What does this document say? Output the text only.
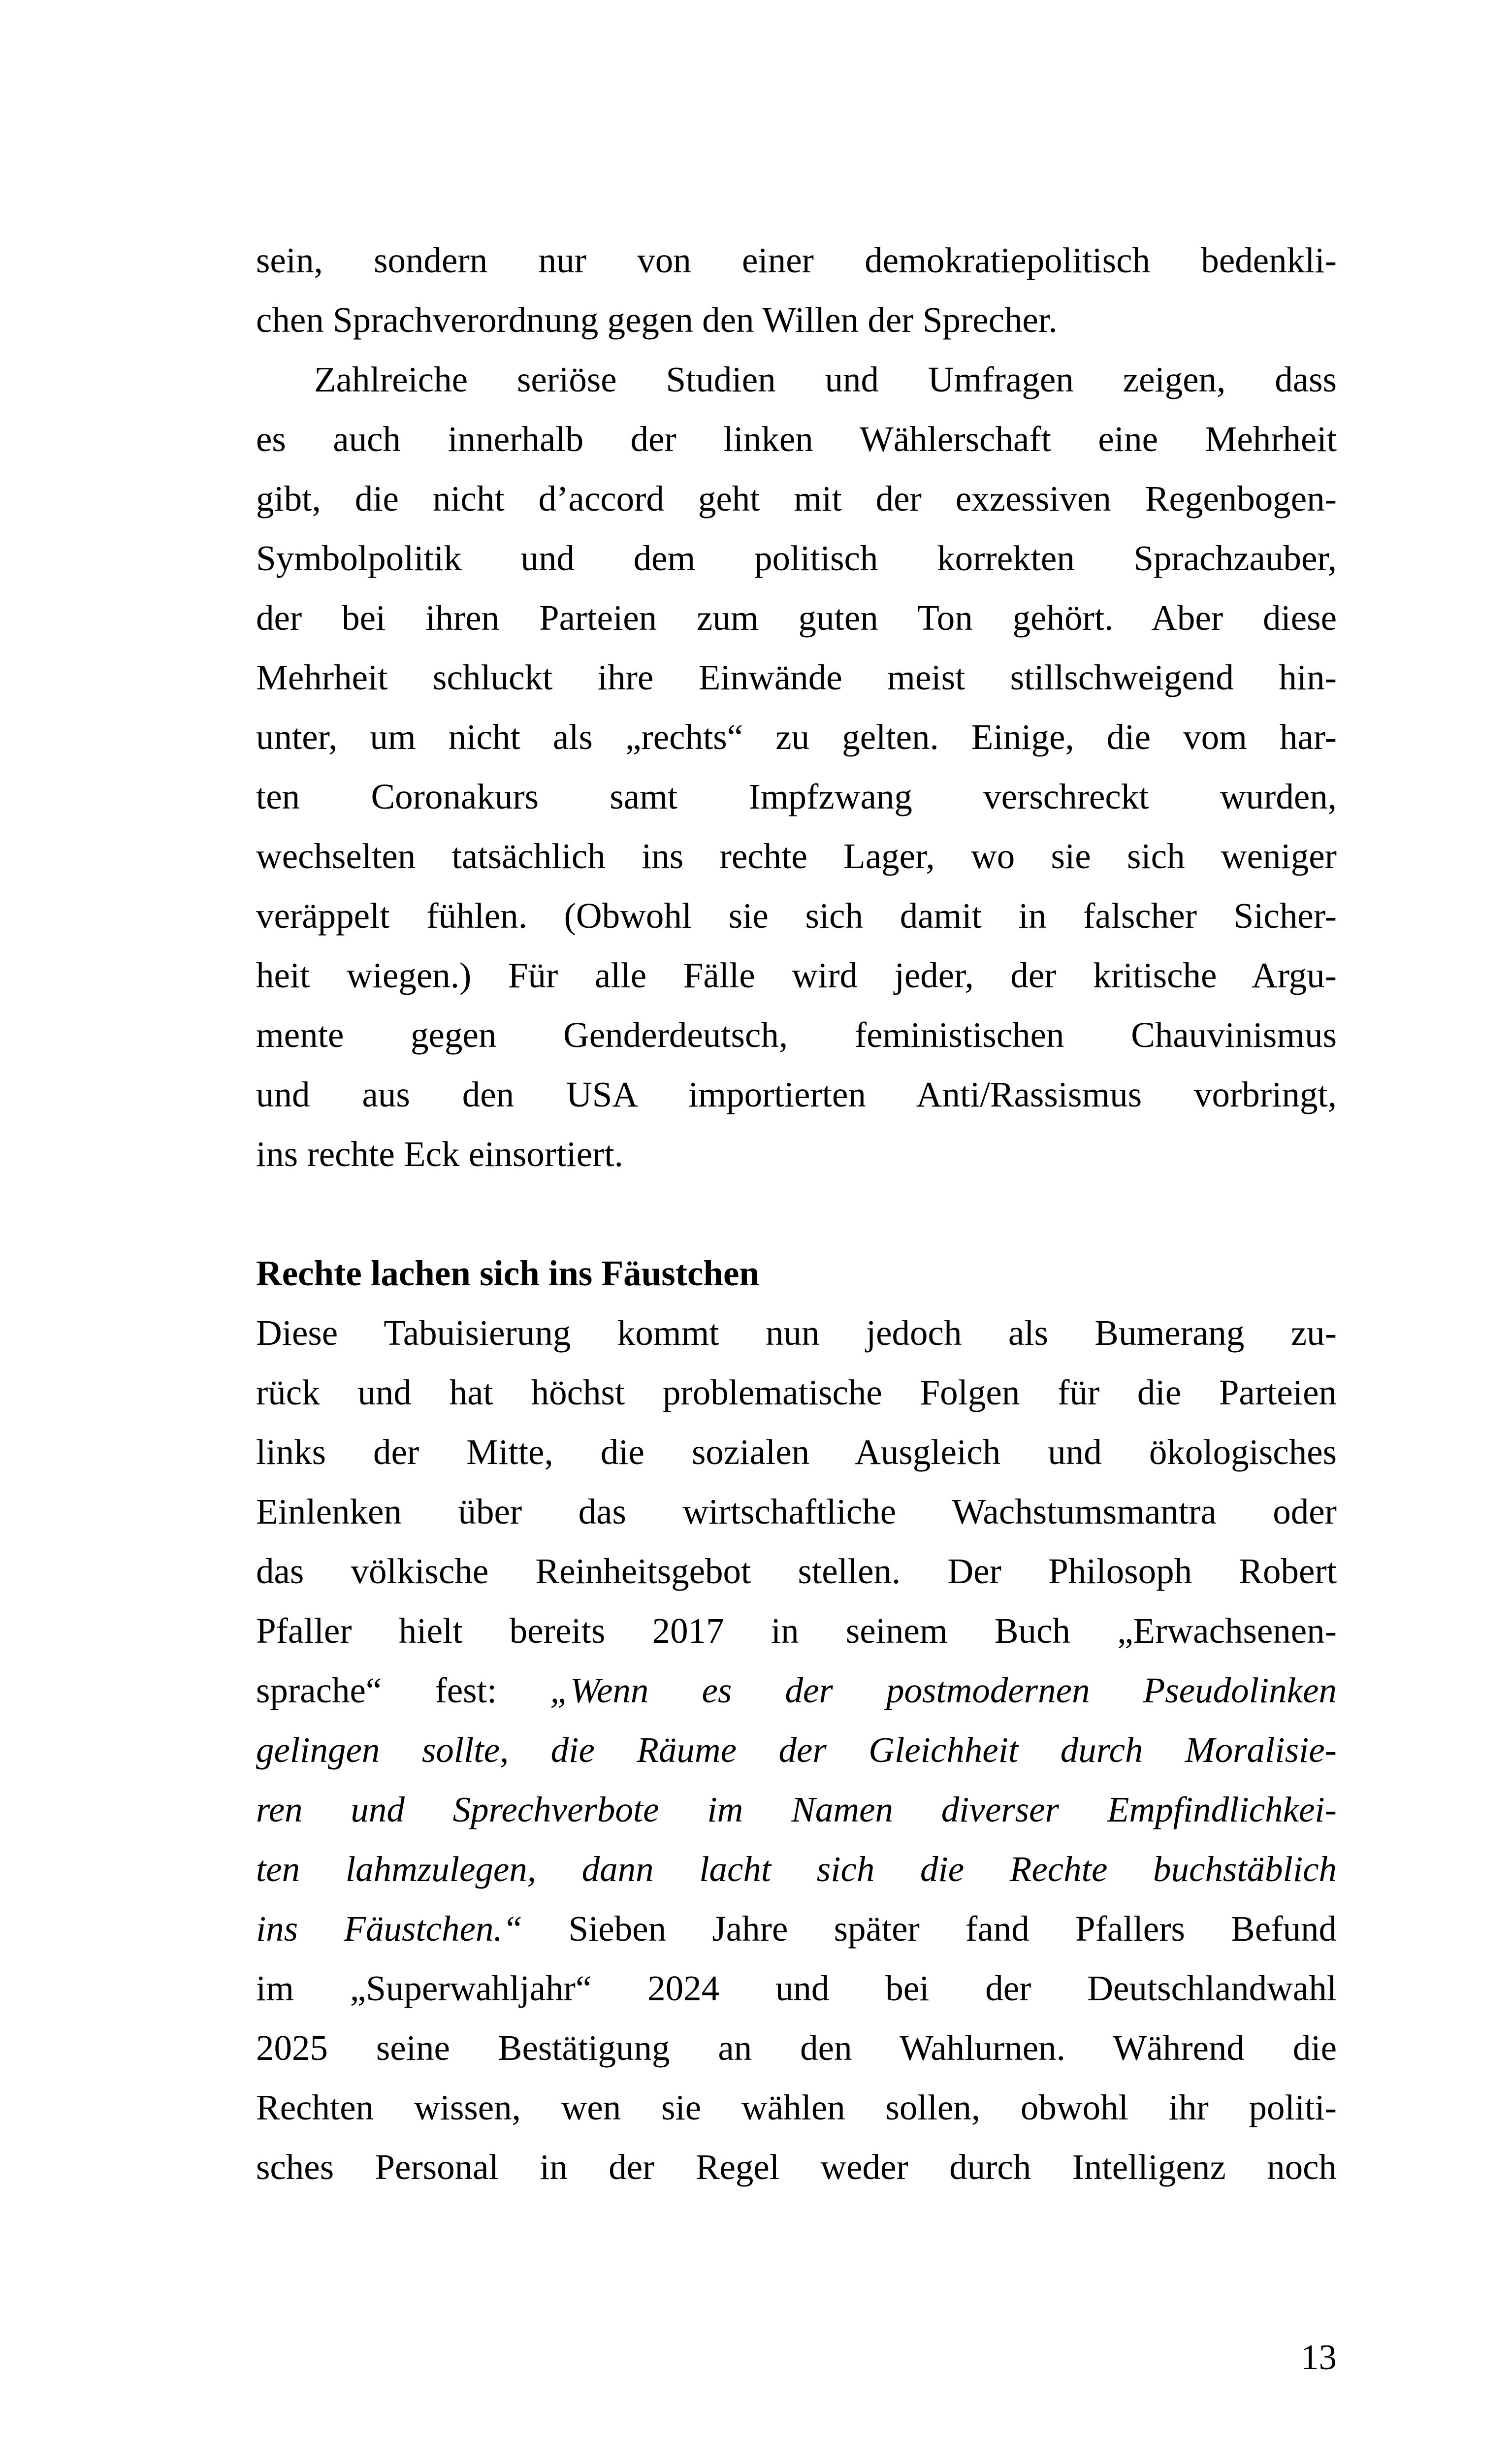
sein, sondern nur von einer demokratiepolitisch bedenkli-
chen Sprachverordnung gegen den Willen der Sprecher.
Zahlreiche seriöse Studien und Umfragen zeigen, dass
es auch innerhalb der linken Wählerschaft eine Mehrheit
gibt, die nicht d’accord geht mit der exzessiven Regenbogen-
Symbolpolitik und dem politisch korrekten Sprachzauber,
der bei ihren Parteien zum guten Ton gehört. Aber diese
Mehrheit schluckt ihre Einwände meist stillschweigend hin-
unter, um nicht als „rechts“ zu gelten. Einige, die vom har-
ten Coronakurs samt Impfzwang verschreckt wurden,
wechselten tatsächlich ins rechte Lager, wo sie sich weniger
veräppelt fühlen. (Obwohl sie sich damit in falscher Sicher-
heit wiegen.) Für alle Fälle wird jeder, der kritische Argu-
mente gegen Genderdeutsch, feministischen Chauvinismus
und aus den USA importierten Anti/Rassismus vorbringt,
ins rechte Eck einsortiert.
Rechte lachen sich ins Fäustchen
Diese Tabuisierung kommt nun jedoch als Bumerang zu-
rück und hat höchst problematische Folgen für die Parteien
links der Mitte, die sozialen Ausgleich und ökologisches
Einlenken über das wirtschaftliche Wachstumsmantra oder
das völkische Reinheitsgebot stellen. Der Philosoph Robert
Pfaller hielt bereits 2017 in seinem Buch „Erwachsenen-
sprache“ fest: „Wenn es der postmodernen Pseudolinken
gelingen sollte, die Räume der Gleichheit durch Moralisie-
ren und Sprechverbote im Namen diverser Empfindlichkei-
ten lahmzulegen, dann lacht sich die Rechte buchstäblich
ins Fäustchen.“ Sieben Jahre später fand Pfallers Befund
im „Superwahljahr“ 2024 und bei der Deutschlandwahl
2025 seine Bestätigung an den Wahlurnen. Während die
Rechten wissen, wen sie wählen sollen, obwohl ihr politi-
sches Personal in der Regel weder durch Intelligenz noch
13
